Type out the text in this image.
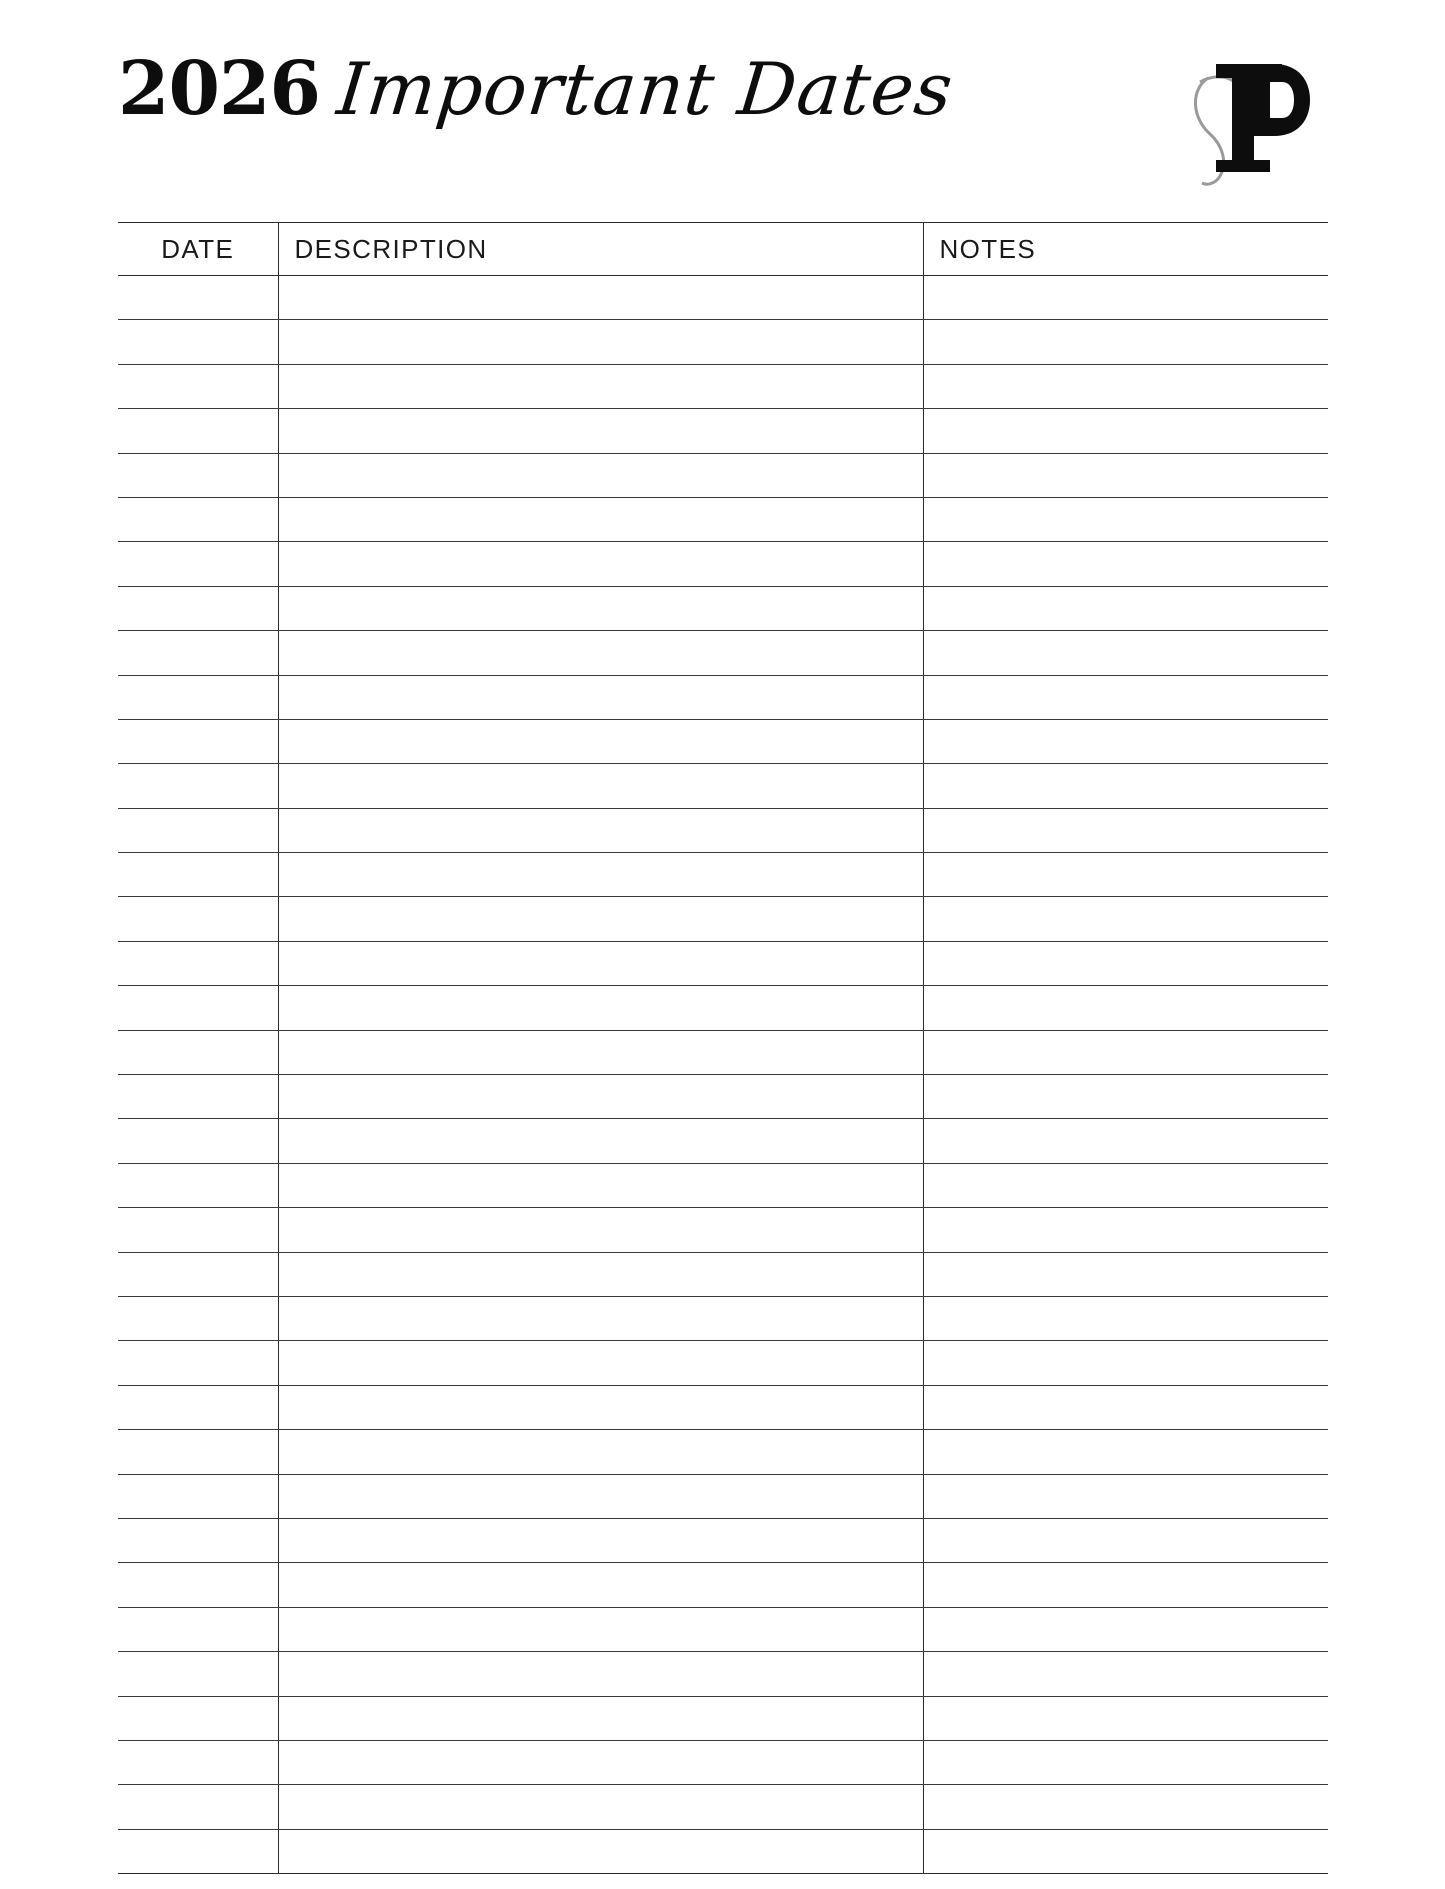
2026 Important Dates
DATE	DESCRIPTION	NOTES
